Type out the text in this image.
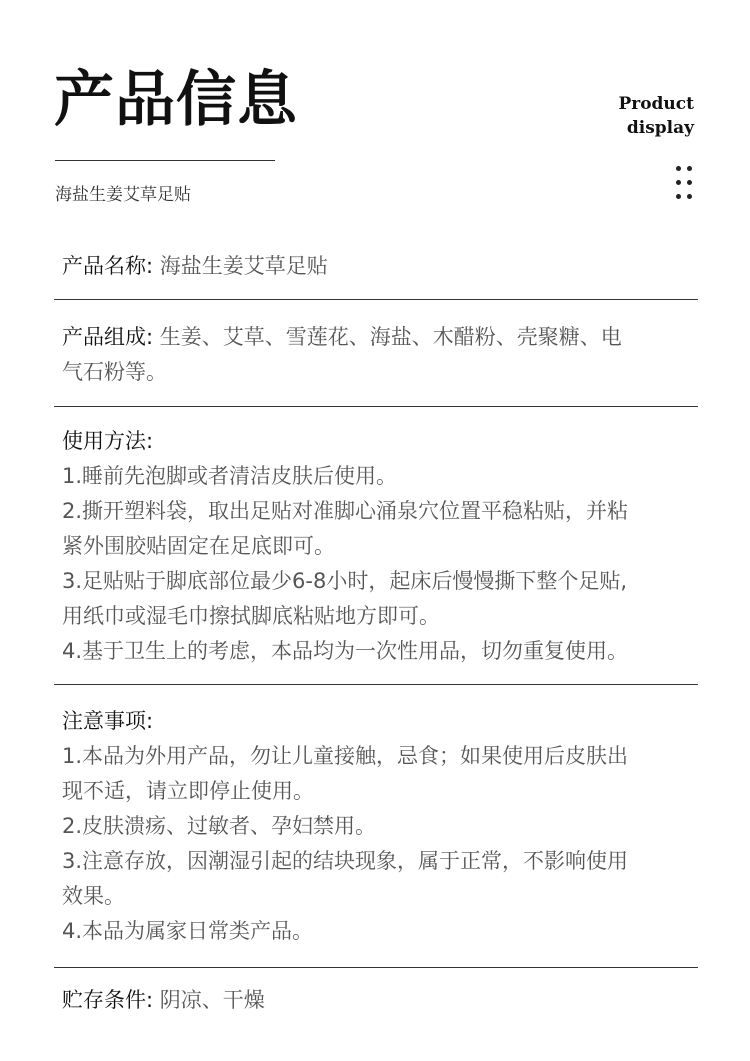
产品信息	Product
display
海盐生姜艾草足贴
产品名称: 海盐生姜艾草足贴
产品组成: 生姜、艾草、雪莲花、海盐、木醋粉、壳聚糖、电
气石粉等。
使用方法:
1.睡前先泡脚或者清洁皮肤后使用。
2.撕开塑料袋，取出足贴对准脚心涌泉穴位置平稳粘贴，并粘
紧外围胶贴固定在足底即可。
3.足贴贴于脚底部位最少6-8小时，起床后慢慢撕下整个足贴,
用纸巾或湿毛巾擦拭脚底粘贴地方即可。
4.基于卫生上的考虑，本品均为一次性用品，切勿重复使用。
注意事项:
1.本品为外用产品，勿让儿童接触，忌食；如果使用后皮肤出
现不适，请立即停止使用。
2.皮肤溃疡、过敏者、孕妇禁用。
3.注意存放，因潮湿引起的结块现象，属于正常，不影响使用
效果。
4.本品为属家日常类产品。
贮存条件: 阴凉、干燥
